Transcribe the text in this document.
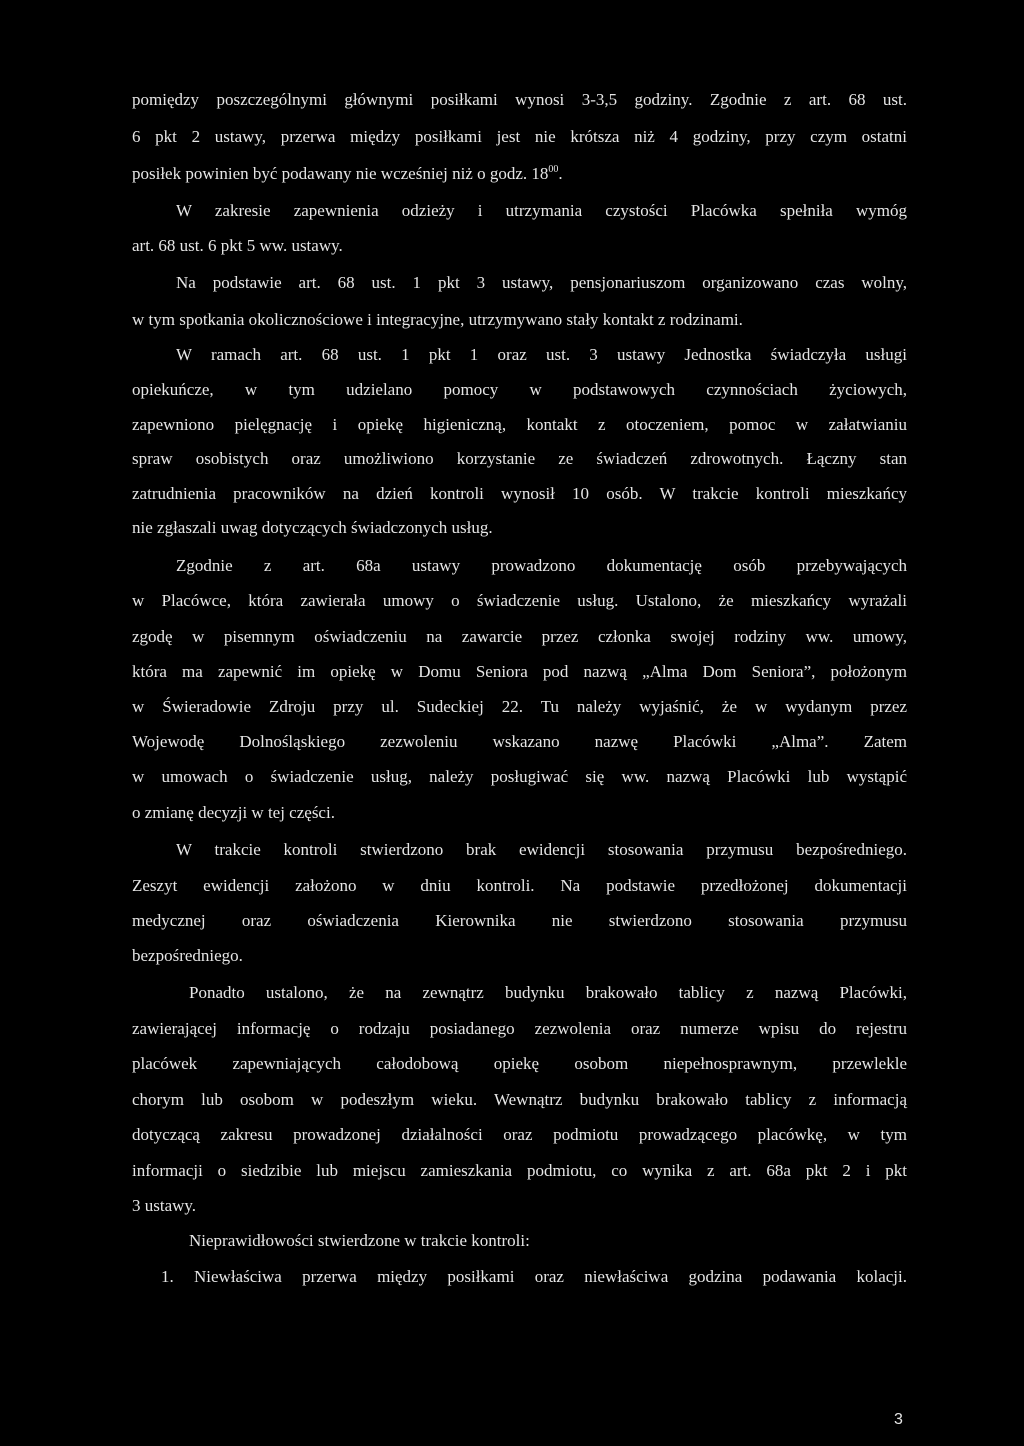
pomiędzy poszczególnymi głównymi posiłkami wynosi 3-3,5 godziny. Zgodnie z art. 68 ust.
6 pkt 2 ustawy, przerwa między posiłkami jest nie krótsza niż 4 godziny, przy czym ostatni
posiłek powinien być podawany nie wcześniej niż o godz. $18^{00}$.
W zakresie zapewnienia odzieży i utrzymania czystości Placówka spełniła wymóg
art. 68 ust. 6 pkt 5 ww. ustawy.
Na podstawie art. 68 ust. 1 pkt 3 ustawy, pensjonariuszom organizowano czas wolny,
w tym spotkania okolicznościowe i integracyjne, utrzymywano stały kontakt z rodzinami.
W ramach art. 68 ust. 1 pkt 1 oraz ust. 3 ustawy Jednostka świadczyła usługi
opiekuńcze, w tym udzielano pomocy w podstawowych czynnościach życiowych,
zapewniono pielęgnację i opiekę higieniczną, kontakt z otoczeniem, pomoc w załatwianiu
spraw osobistych oraz umożliwiono korzystanie ze świadczeń zdrowotnych. Łączny stan
zatrudnienia pracowników na dzień kontroli wynosił 10 osób. W trakcie kontroli mieszkańcy
nie zgłaszali uwag dotyczących świadczonych usług.
Zgodnie z art. 68a ustawy prowadzono dokumentację osób przebywających
w Placówce, która zawierała umowy o świadczenie usług. Ustalono, że mieszkańcy wyrażali
zgodę w pisemnym oświadczeniu na zawarcie przez członka swojej rodziny ww. umowy,
która ma zapewnić im opiekę w Domu Seniora pod nazwą „Alma Dom Seniora”, położonym
w Świeradowie Zdroju przy ul. Sudeckiej 22. Tu należy wyjaśnić, że w wydanym przez
Wojewodę Dolnośląskiego zezwoleniu wskazano nazwę Placówki „Alma”. Zatem
w umowach o świadczenie usług, należy posługiwać się ww. nazwą Placówki lub wystąpić
o zmianę decyzji w tej części.
W trakcie kontroli stwierdzono brak ewidencji stosowania przymusu bezpośredniego.
Zeszyt ewidencji założono w dniu kontroli. Na podstawie przedłożonej dokumentacji
medycznej oraz oświadczenia Kierownika nie stwierdzono stosowania przymusu
bezpośredniego.
Ponadto ustalono, że na zewnątrz budynku brakowało tablicy z nazwą Placówki,
zawierającej informację o rodzaju posiadanego zezwolenia oraz numerze wpisu do rejestru
placówek zapewniających całodobową opiekę osobom niepełnosprawnym, przewlekle
chorym lub osobom w podeszłym wieku. Wewnątrz budynku brakowało tablicy z informacją
dotyczącą zakresu prowadzonej działalności oraz podmiotu prowadzącego placówkę, w tym
informacji o siedzibie lub miejscu zamieszkania podmiotu, co wynika z art. 68a pkt 2 i pkt
3 ustawy.
Nieprawidłowości stwierdzone w trakcie kontroli:
1. Niewłaściwa przerwa między posiłkami oraz niewłaściwa godzina podawania kolacji.
3
